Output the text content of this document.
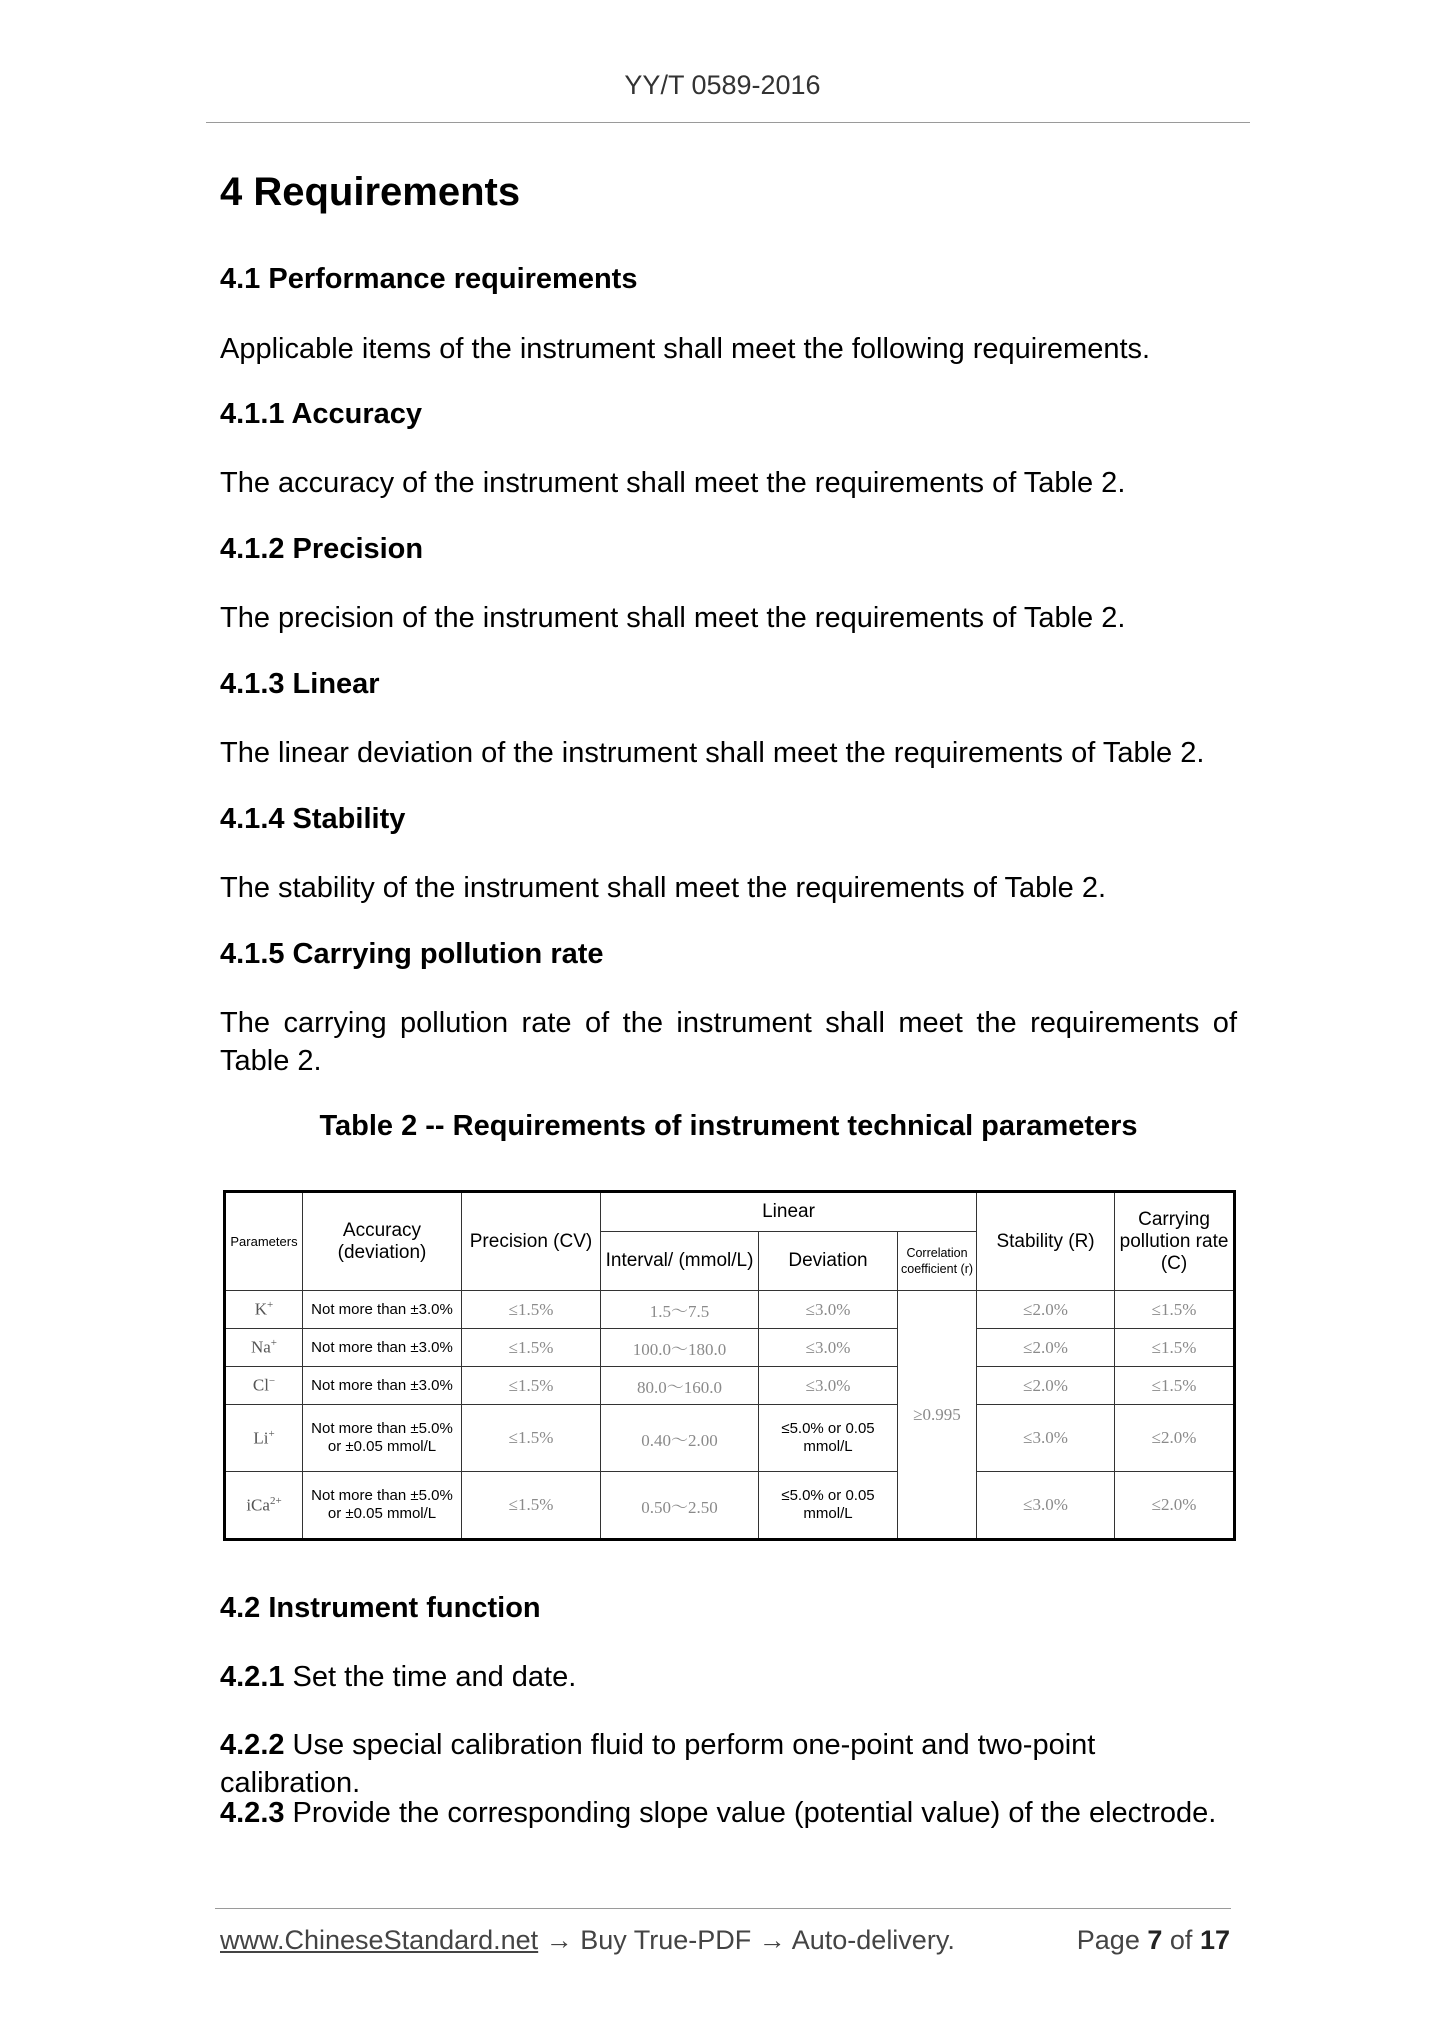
YY/T 0589-2016
4 Requirements
4.1 Performance requirements
Applicable items of the instrument shall meet the following requirements.
4.1.1 Accuracy
The accuracy of the instrument shall meet the requirements of Table 2.
4.1.2 Precision
The precision of the instrument shall meet the requirements of Table 2.
4.1.3 Linear
The linear deviation of the instrument shall meet the requirements of Table 2.
4.1.4 Stability
The stability of the instrument shall meet the requirements of Table 2.
4.1.5 Carrying pollution rate
The carrying pollution rate of the instrument shall meet the requirements of Table 2.
Table 2 -- Requirements of instrument technical parameters
Parameters	Accuracy (deviation)	Precision (CV)	Linear			Stability (R)	Carrying pollution rate (C)
			Interval/ (mmol/L)	Deviation	Correlation coefficient (r)		
K+	Not more than ±3.0%	≤1.5%	1.5～7.5	≤3.0%	≥0.995	≤2.0%	≤1.5%
Na+	Not more than ±3.0%	≤1.5%	100.0～180.0	≤3.0%		≤2.0%	≤1.5%
Cl−	Not more than ±3.0%	≤1.5%	80.0～160.0	≤3.0%		≤2.0%	≤1.5%
Li+	Not more than ±5.0% or ±0.05 mmol/L	≤1.5%	0.40～2.00	≤5.0% or 0.05 mmol/L		≤3.0%	≤2.0%
iCa$^{2+}$	Not more than ±5.0% or ±0.05 mmol/L	≤1.5%	0.50～2.50	≤5.0% or 0.05 mmol/L		≤3.0%	≤2.0%
4.2 Instrument function
4.2.1 Set the time and date.
4.2.2 Use special calibration fluid to perform one-point and two-point calibration.
4.2.3 Provide the corresponding slope value (potential value) of the electrode.
www.ChineseStandard.net → Buy True-PDF → Auto-delivery.	Page 7 of 17
